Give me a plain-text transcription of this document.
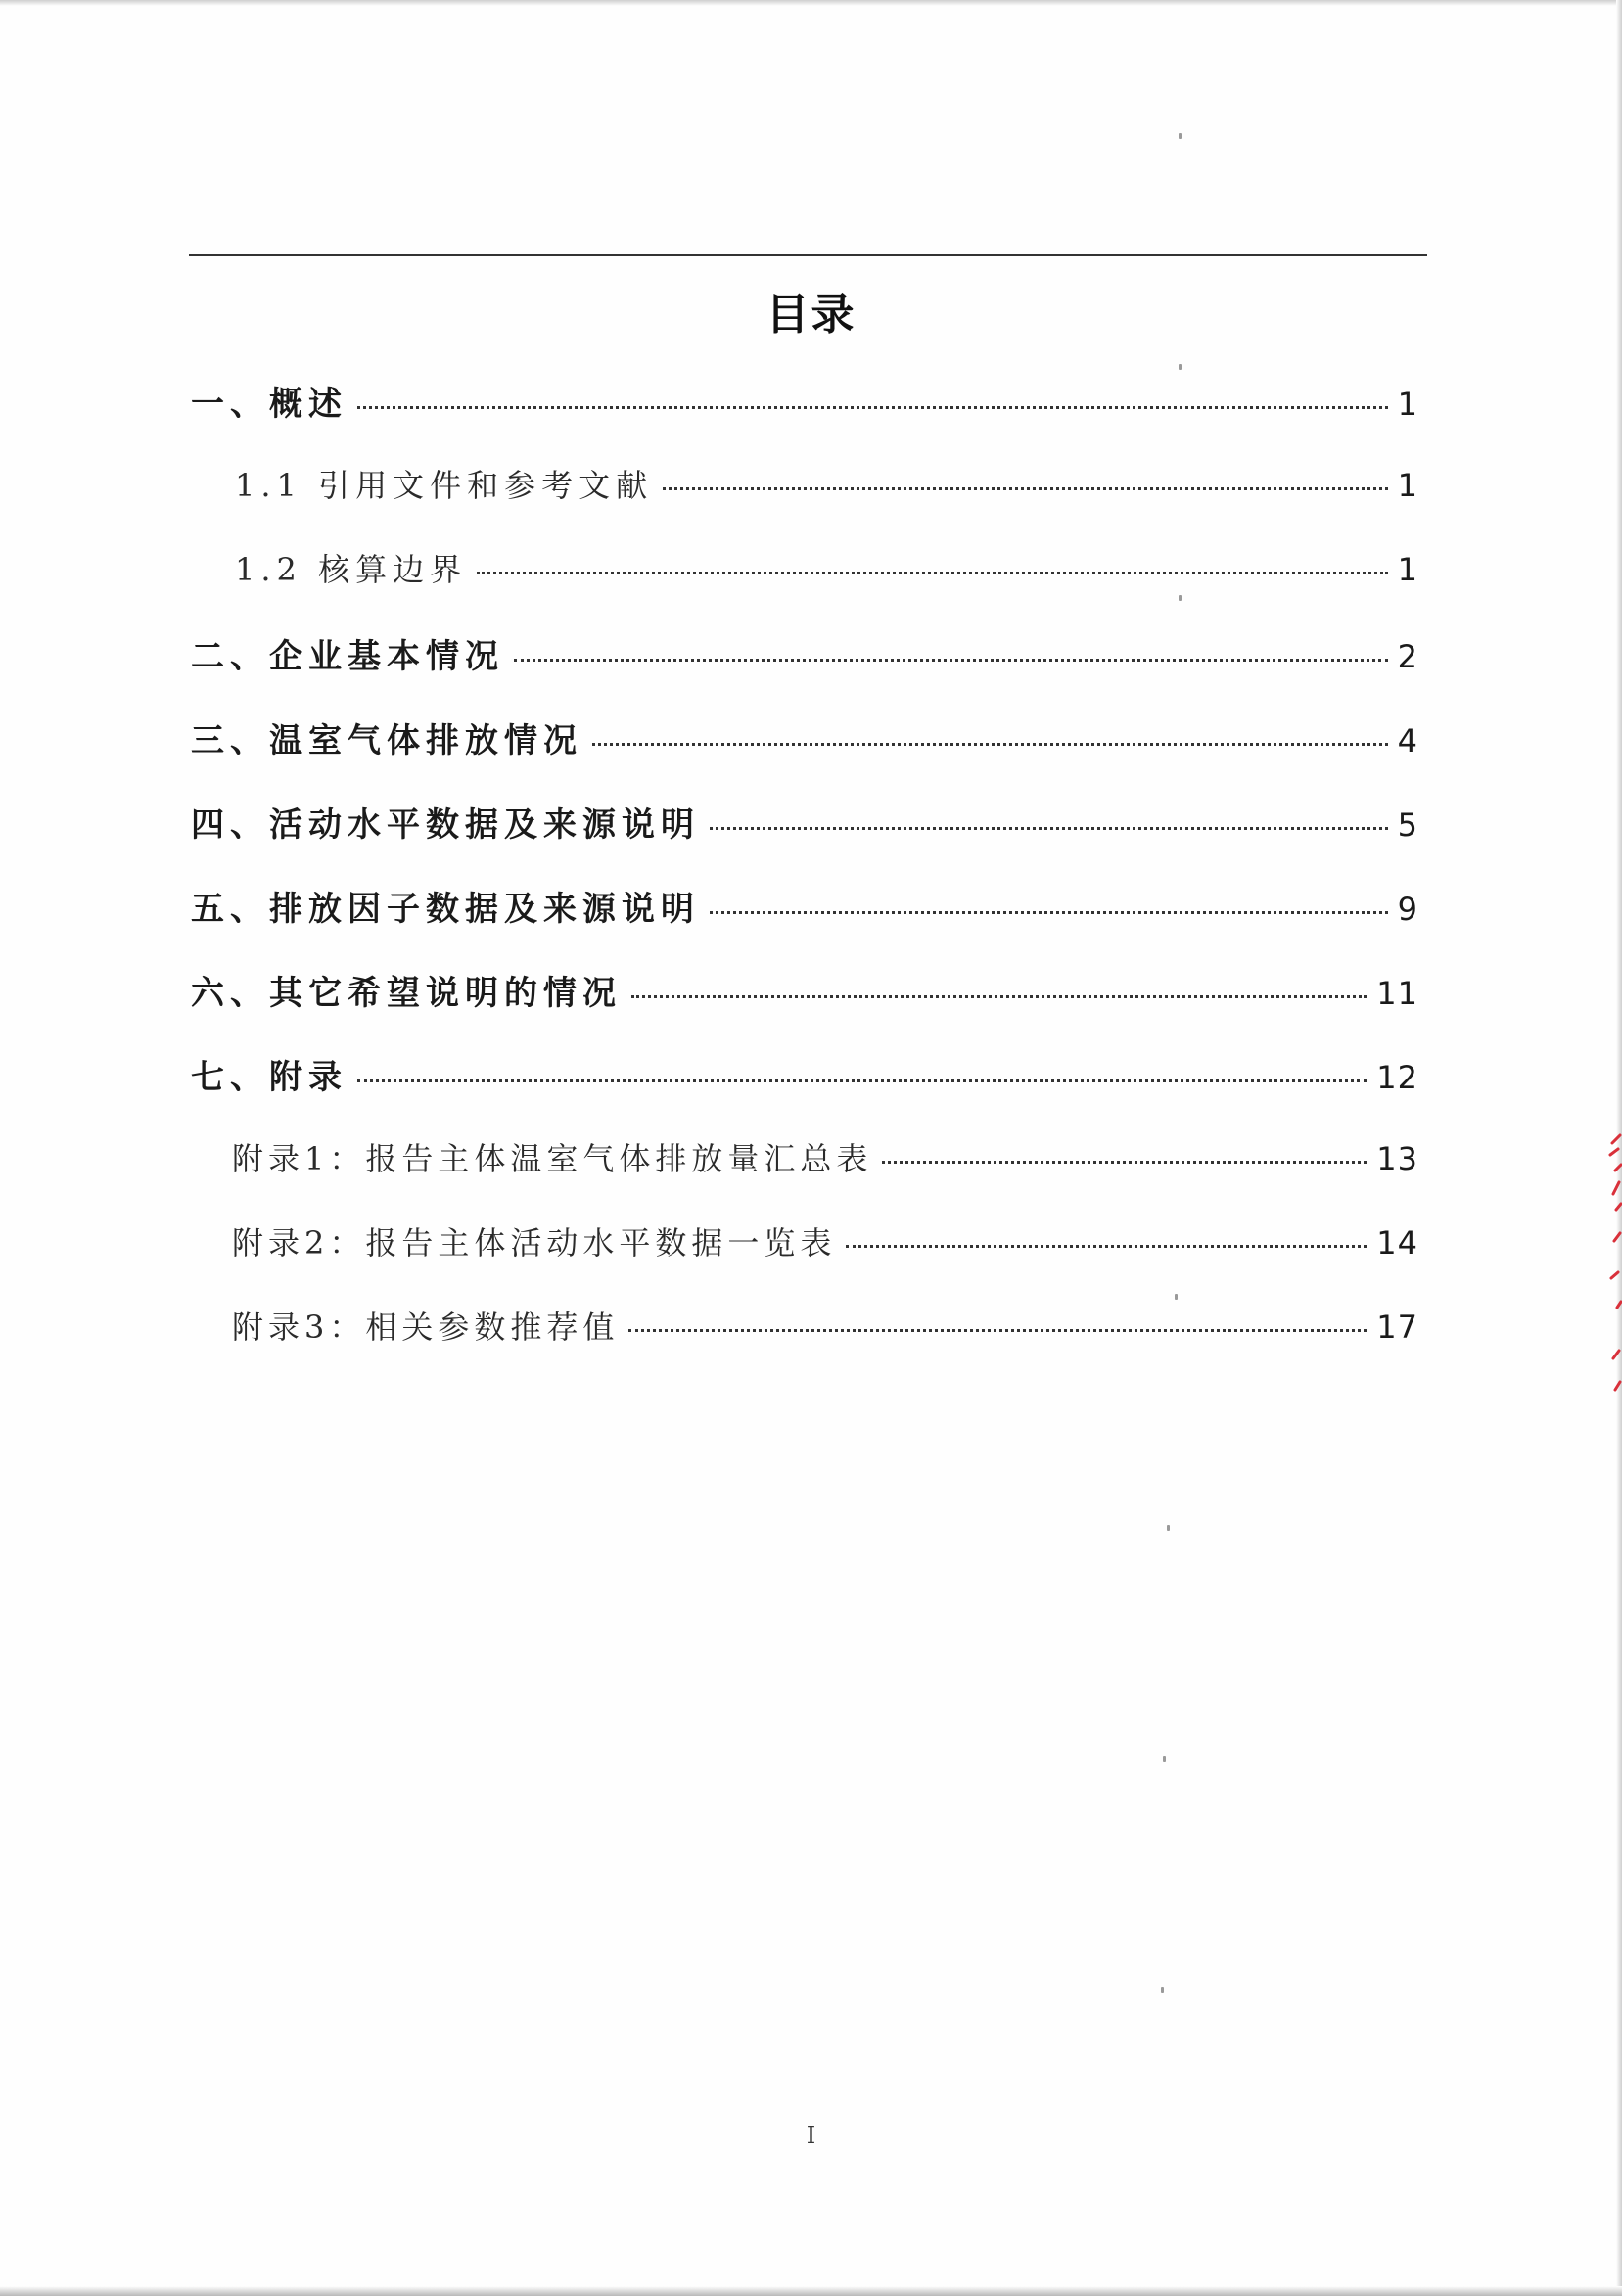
目录
一、概述	1
1.1 引用文件和参考文献	1
1.2 核算边界	1
二、企业基本情况	2
三、温室气体排放情况	4
四、活动水平数据及来源说明	5
五、排放因子数据及来源说明	9
六、其它希望说明的情况	11
七、附录	12
附录1：报告主体温室气体排放量汇总表	13
附录2：报告主体活动水平数据一览表	14
附录3：相关参数推荐值	17
I
